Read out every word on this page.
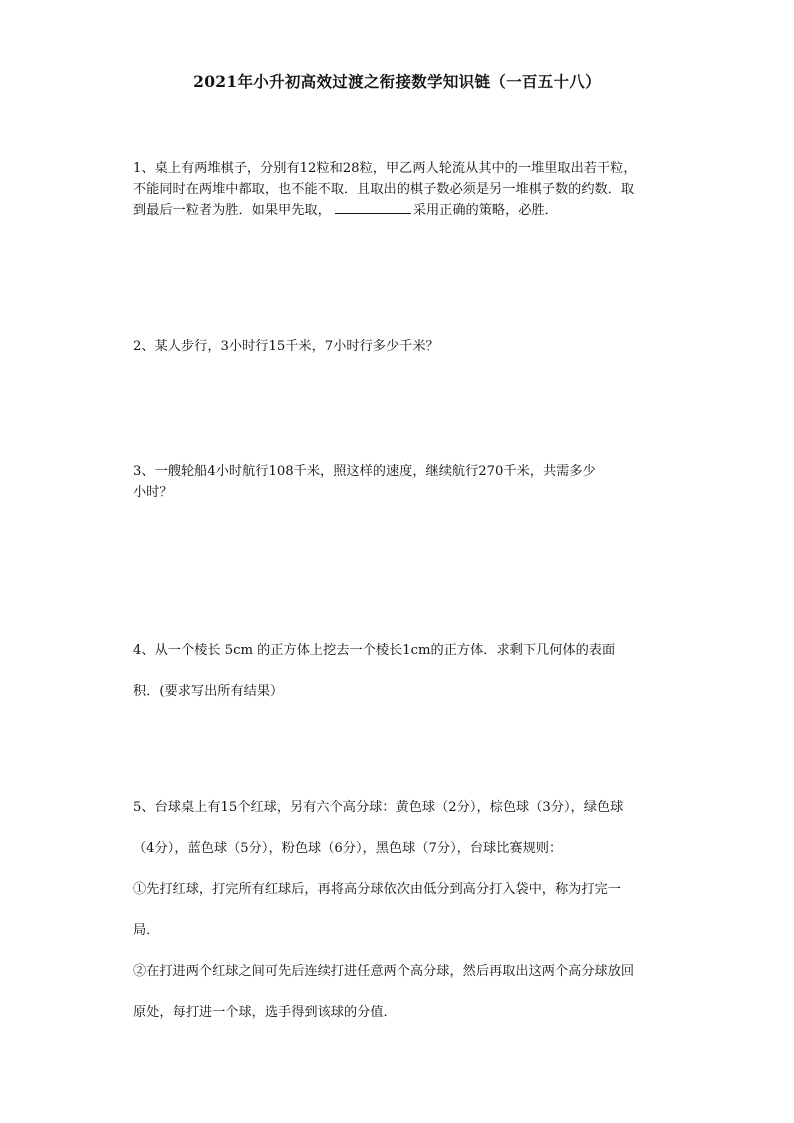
2021年小升初高效过渡之衔接数学知识链（一百五十八）
1、桌上有两堆棋子，分别有12粒和28粒，甲乙两人轮流从其中的一堆里取出若干粒，
不能同时在两堆中都取，也不能不取．且取出的棋子数必须是另一堆棋子数的约数．取
到最后一粒者为胜．如果甲先取，	采用正确的策略，必胜．
2、某人步行，3小时行15千米，7小时行多少千米？
3、一艘轮船4小时航行108千米，照这样的速度，继续航行270千米，共需多少
小时？
4、从一个棱长 5cm 的正方体上挖去一个棱长1cm的正方体．求剩下几何体的表面
积．(要求写出所有结果）
5、台球桌上有15个红球，另有六个高分球：黄色球（2分），棕色球（3分），绿色球
（4分），蓝色球（5分），粉色球（6分），黑色球（7分），台球比赛规则：
①先打红球，打完所有红球后，再将高分球依次由低分到高分打入袋中，称为打完一
局．
②在打进两个红球之间可先后连续打进任意两个高分球，然后再取出这两个高分球放回
原处，每打进一个球，选手得到该球的分值．
